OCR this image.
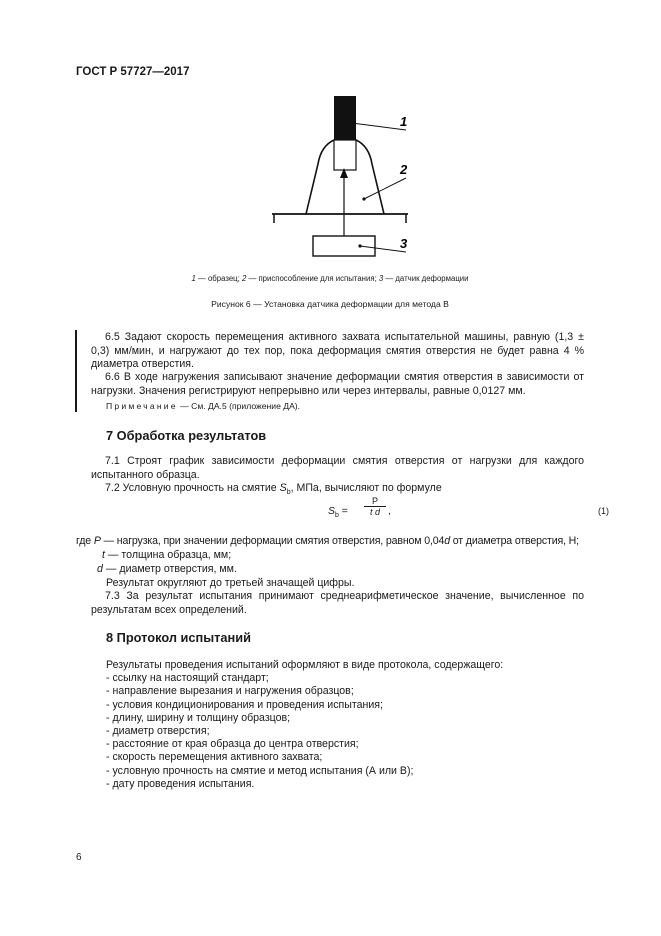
ГОСТ Р 57727—2017
1
2
3
1 — образец; 2 — приспособление для испытания; 3 — датчик деформации
Рисунок 6 — Установка датчика деформации для метода В
6.5 Задают скорость перемещения активного захвата испытательной машины, равную (1,3 ± 0,3) мм/мин, и нагружают до тех пор, пока деформация смятия отверстия не будет равна 4 % диаметра отверстия.
6.6 В ходе нагружения записывают значение деформации смятия отверстия в зависимости от нагрузки. Значения регистрируют непрерывно или через интервалы, равные 0,0127 мм.
Примечание — См. ДА.5 (приложение ДА).
7 Обработка результатов
7.1 Строят график зависимости деформации смятия отверстия от нагрузки для каждого испытанного образца.
7.2 Условную прочность на смятие $S_b$, МПа, вычисляют по формуле
$S_b$ =
P
t d ,	(1)
где P — нагрузка, при значении деформации смятия отверстия, равном 0,04d от диаметра отверстия, Н;
t — толщина образца, мм;
d — диаметр отверстия, мм.
Результат округляют до третьей значащей цифры.
7.3 За результат испытания принимают среднеарифметическое значение, вычисленное по результатам всех определений.
8 Протокол испытаний
Результаты проведения испытаний оформляют в виде протокола, содержащего:
- ссылку на настоящий стандарт;
- направление вырезания и нагружения образцов;
- условия кондиционирования и проведения испытания;
- длину, ширину и толщину образцов;
- диаметр отверстия;
- расстояние от края образца до центра отверстия;
- скорость перемещения активного захвата;
- условную прочность на смятие и метод испытания (А или В);
- дату проведения испытания.
6
